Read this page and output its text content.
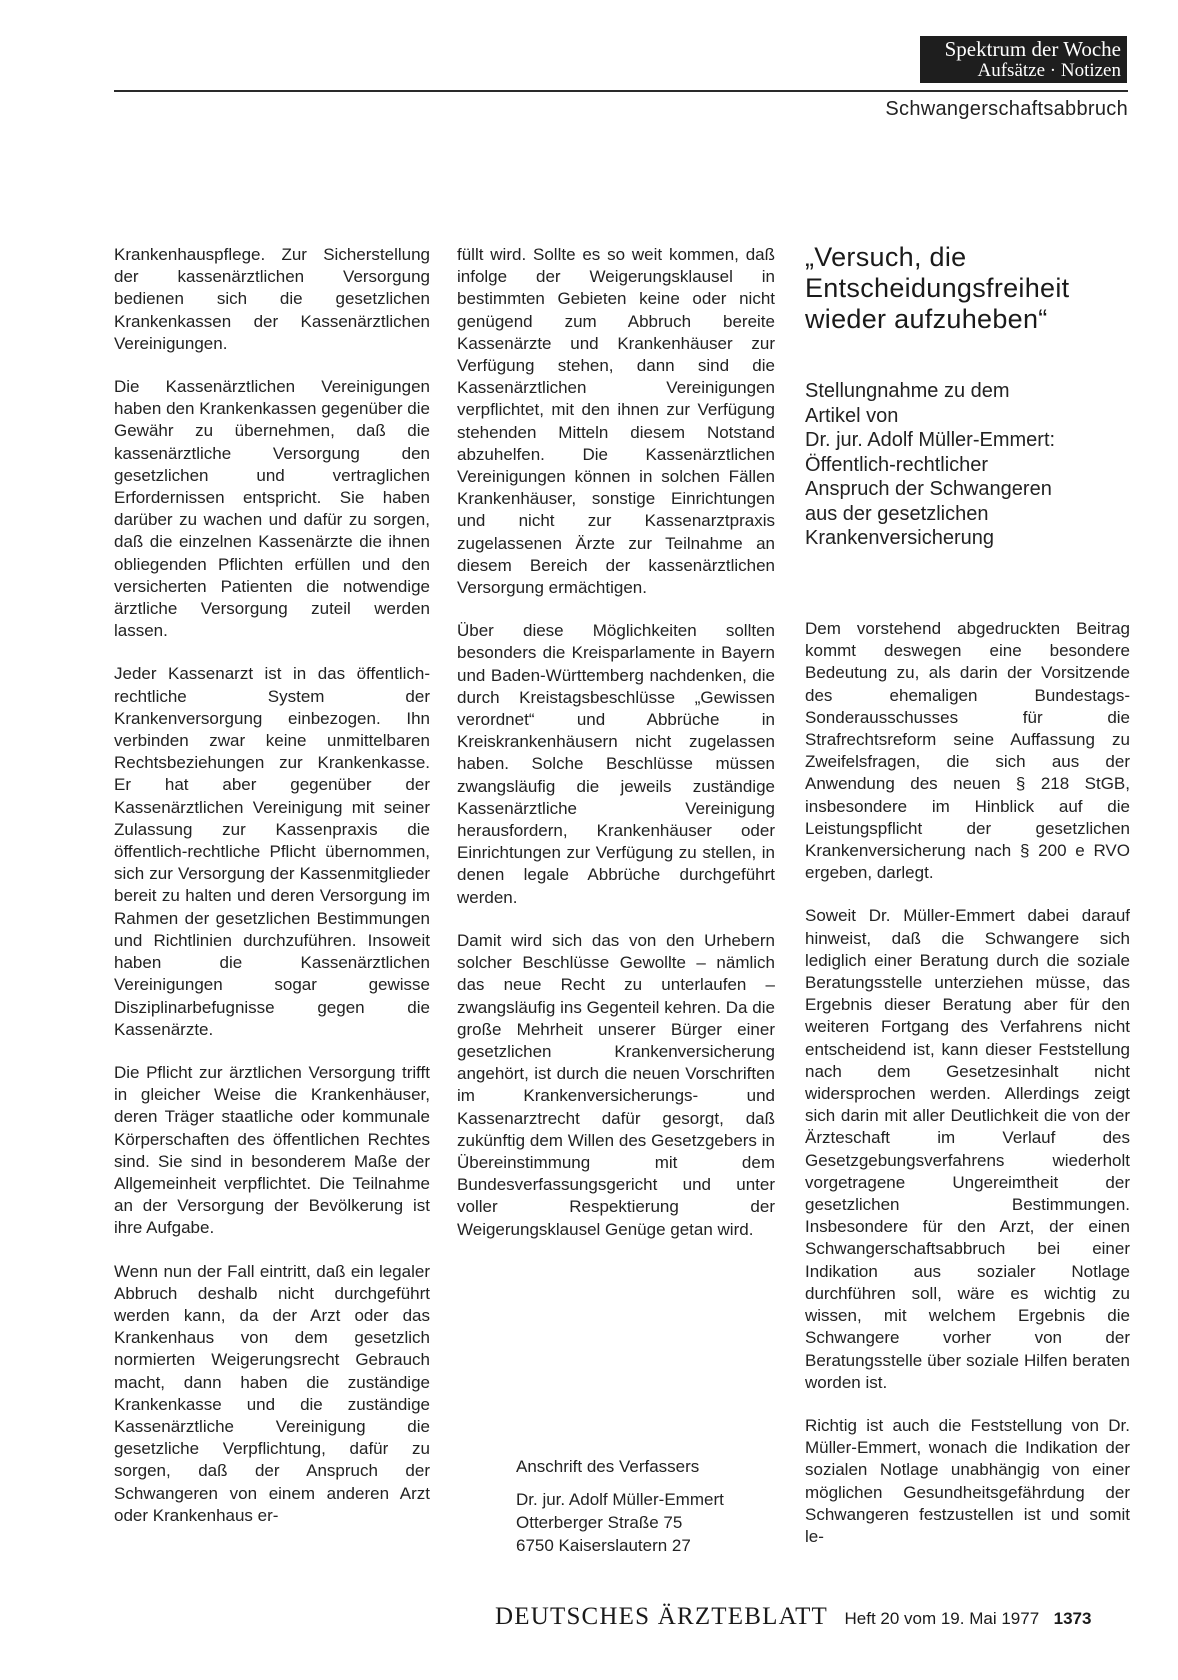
Spektrum der Woche
Aufsätze · Notizen
Schwangerschaftsabbruch

Krankenhauspflege. Zur Sicherstellung der kassenärztlichen Versorgung bedienen sich die gesetzlichen Krankenkassen der Kassenärztlichen Vereinigungen.

Die Kassenärztlichen Vereinigungen haben den Krankenkassen gegenüber die Gewähr zu übernehmen, daß die kassenärztliche Versorgung den gesetzlichen und vertraglichen Erfordernissen entspricht. Sie haben darüber zu wachen und dafür zu sorgen, daß die einzelnen Kassenärzte die ihnen obliegenden Pflichten erfüllen und den versicherten Patienten die notwendige ärztliche Versorgung zuteil werden lassen.

Jeder Kassenarzt ist in das öffentlich-rechtliche System der Krankenversorgung einbezogen. Ihn verbinden zwar keine unmittelbaren Rechtsbeziehungen zur Krankenkasse. Er hat aber gegenüber der Kassenärztlichen Vereinigung mit seiner Zulassung zur Kassenpraxis die öffentlich-rechtliche Pflicht übernommen, sich zur Versorgung der Kassenmitglieder bereit zu halten und deren Versorgung im Rahmen der gesetzlichen Bestimmungen und Richtlinien durchzuführen. Insoweit haben die Kassenärztlichen Vereinigungen sogar gewisse Disziplinarbefugnisse gegen die Kassenärzte.

Die Pflicht zur ärztlichen Versorgung trifft in gleicher Weise die Krankenhäuser, deren Träger staatliche oder kommunale Körperschaften des öffentlichen Rechtes sind. Sie sind in besonderem Maße der Allgemeinheit verpflichtet. Die Teilnahme an der Versorgung der Bevölkerung ist ihre Aufgabe.

Wenn nun der Fall eintritt, daß ein legaler Abbruch deshalb nicht durchgeführt werden kann, da der Arzt oder das Krankenhaus von dem gesetzlich normierten Weigerungsrecht Gebrauch macht, dann haben die zuständige Krankenkasse und die zuständige Kassenärztliche Vereinigung die gesetzliche Verpflichtung, dafür zu sorgen, daß der Anspruch der Schwangeren von einem anderen Arzt oder Krankenhaus er-

füllt wird. Sollte es so weit kommen, daß infolge der Weigerungsklausel in bestimmten Gebieten keine oder nicht genügend zum Abbruch bereite Kassenärzte und Krankenhäuser zur Verfügung stehen, dann sind die Kassenärztlichen Vereinigungen verpflichtet, mit den ihnen zur Verfügung stehenden Mitteln diesem Notstand abzuhelfen. Die Kassenärztlichen Vereinigungen können in solchen Fällen Krankenhäuser, sonstige Einrichtungen und nicht zur Kassenarztpraxis zugelassenen Ärzte zur Teilnahme an diesem Bereich der kassenärztlichen Versorgung ermächtigen.

Über diese Möglichkeiten sollten besonders die Kreisparlamente in Bayern und Baden-Württemberg nachdenken, die durch Kreistagsbeschlüsse „Gewissen verordnet“ und Abbrüche in Kreiskrankenhäusern nicht zugelassen haben. Solche Beschlüsse müssen zwangsläufig die jeweils zuständige Kassenärztliche Vereinigung herausfordern, Krankenhäuser oder Einrichtungen zur Verfügung zu stellen, in denen legale Abbrüche durchgeführt werden.

Damit wird sich das von den Urhebern solcher Beschlüsse Gewollte – nämlich das neue Recht zu unterlaufen – zwangsläufig ins Gegenteil kehren. Da die große Mehrheit unserer Bürger einer gesetzlichen Krankenversicherung angehört, ist durch die neuen Vorschriften im Krankenversicherungs- und Kassenarztrecht dafür gesorgt, daß zukünftig dem Willen des Gesetzgebers in Übereinstimmung mit dem Bundesverfassungsgericht und unter voller Respektierung der Weigerungsklausel Genüge getan wird.

„Versuch, die Entscheidungsfreiheit wieder aufzuheben“
Stellungnahme zu dem
Artikel von
Dr. jur. Adolf Müller-Emmert:
Öffentlich-rechtlicher
Anspruch der Schwangeren
aus der gesetzlichen
Krankenversicherung

Dem vorstehend abgedruckten Beitrag kommt deswegen eine besondere Bedeutung zu, als darin der Vorsitzende des ehemaligen Bundestags-Sonderausschusses für die Strafrechtsreform seine Auffassung zu Zweifelsfragen, die sich aus der Anwendung des neuen § 218 StGB, insbesondere im Hinblick auf die Leistungspflicht der gesetzlichen Krankenversicherung nach § 200 e RVO ergeben, darlegt.

Soweit Dr. Müller-Emmert dabei darauf hinweist, daß die Schwangere sich lediglich einer Beratung durch die soziale Beratungsstelle unterziehen müsse, das Ergebnis dieser Beratung aber für den weiteren Fortgang des Verfahrens nicht entscheidend ist, kann dieser Feststellung nach dem Gesetzesinhalt nicht widersprochen werden. Allerdings zeigt sich darin mit aller Deutlichkeit die von der Ärzteschaft im Verlauf des Gesetzgebungsverfahrens wiederholt vorgetragene Ungereimtheit der gesetzlichen Bestimmungen. Insbesondere für den Arzt, der einen Schwangerschaftsabbruch bei einer Indikation aus sozialer Notlage durchführen soll, wäre es wichtig zu wissen, mit welchem Ergebnis die Schwangere vorher von der Beratungsstelle über soziale Hilfen beraten worden ist.

Richtig ist auch die Feststellung von Dr. Müller-Emmert, wonach die Indikation der sozialen Notlage unabhängig von einer möglichen Gesundheitsgefährdung der Schwangeren festzustellen ist und somit le-

Anschrift des Verfassers
Dr. jur. Adolf Müller-Emmert
Otterberger Straße 75
6750 Kaiserslautern 27
DEUTSCHES ÄRZTEBLATT Heft 20 vom 19. Mai 1977 1373
